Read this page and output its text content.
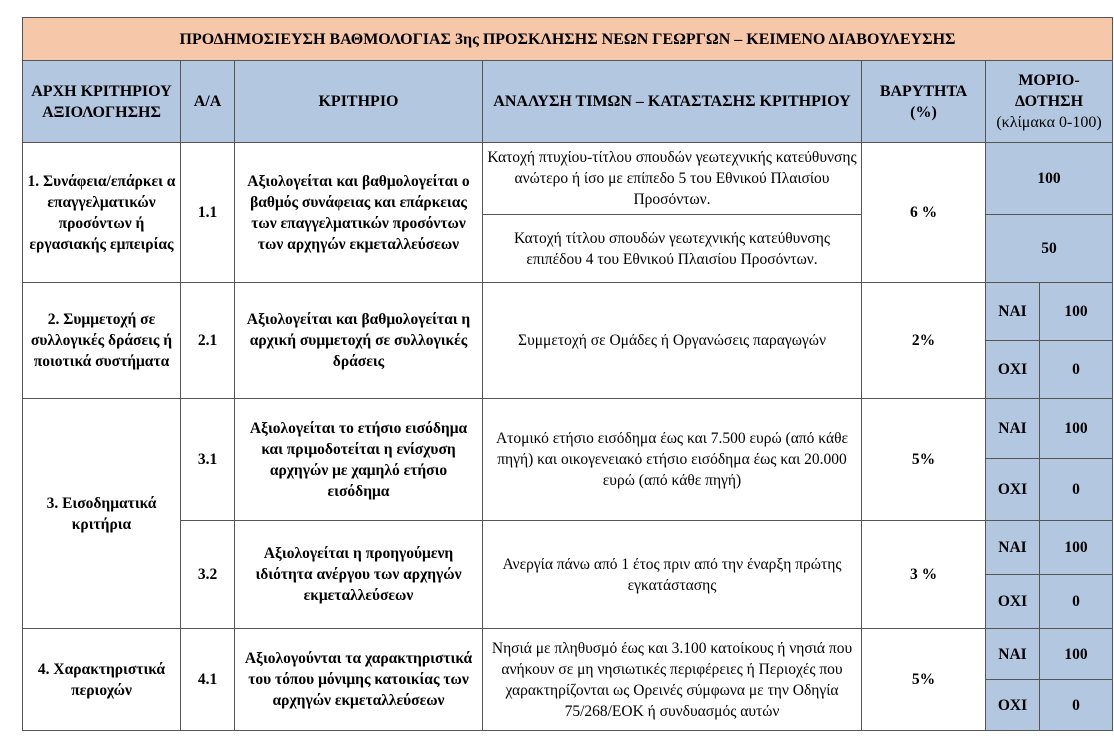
ΠΡΟΔΗΜΟΣΙΕΥΣΗ ΒΑΘΜΟΛΟΓΙΑΣ 3ης ΠΡΟΣΚΛΗΣΗΣ ΝΕΩΝ ΓΕΩΡΓΩΝ – ΚΕΙΜΕΝΟ ΔΙΑΒΟΥΛΕΥΣΗΣ						
ΑΡΧΗ ΚΡΙΤΗΡΙΟΥ ΑΞΙΟΛΟΓΗΣΗΣ	Α/Α	ΚΡΙΤΗΡΙΟ	ΑΝΑΛΥΣΗ ΤΙΜΩΝ – ΚΑΤΑΣΤΑΣΗΣ ΚΡΙΤΗΡΙΟΥ	ΒΑΡΥΤΗΤΑ (%)	ΜΟΡΙΟ-ΔΟΤΗΣΗ
(κλίμακα 0-100)	
1. Συνάφεια/επάρκει α επαγγελματικών προσόντων ή εργασιακής εμπειρίας	1.1	Αξιολογείται και βαθμολογείται ο βαθμός συνάφειας και επάρκειας των επαγγελματικών προσόντων των αρχηγών εκμεταλλεύσεων	Κατοχή πτυχίου-τίτλου σπουδών γεωτεχνικής κατεύθυνσης ανώτερο ή ίσο με επίπεδο 5 του Εθνικού Πλαισίου Προσόντων.	6 %	100	
			Κατοχή τίτλου σπουδών γεωτεχνικής κατεύθυνσης επιπέδου 4 του Εθνικού Πλαισίου Προσόντων.		50	
2. Συμμετοχή σε συλλογικές δράσεις ή ποιοτικά συστήματα	2.1	Αξιολογείται και βαθμολογείται η αρχική συμμετοχή σε συλλογικές δράσεις	Συμμετοχή σε Ομάδες ή Οργανώσεις παραγωγών	2%	ΝΑΙ	100
					ΟΧΙ	0
3. Εισοδηματικά κριτήρια	3.1	Αξιολογείται το ετήσιο εισόδημα και πριμοδοτείται η ενίσχυση αρχηγών με χαμηλό ετήσιο εισόδημα	Ατομικό ετήσιο εισόδημα έως και 7.500 ευρώ (από κάθε πηγή) και οικογενειακό ετήσιο εισόδημα έως και 20.000 ευρώ (από κάθε πηγή)	5%	ΝΑΙ	100
					ΟΧΙ	0
	3.2	Αξιολογείται η προηγούμενη ιδιότητα ανέργου των αρχηγών εκμεταλλεύσεων	Ανεργία πάνω από 1 έτος πριν από την έναρξη πρώτης εγκατάστασης	3 %	ΝΑΙ	100
					ΟΧΙ	0
4. Χαρακτηριστικά περιοχών	4.1	Αξιολογούνται τα χαρακτηριστικά του τόπου μόνιμης κατοικίας των αρχηγών εκμεταλλεύσεων	Νησιά με πληθυσμό έως και 3.100 κατοίκους ή νησιά που ανήκουν σε μη νησιωτικές περιφέρειες ή Περιοχές που χαρακτηρίζονται ως Ορεινές σύμφωνα με την Οδηγία 75/268/ΕΟΚ ή συνδυασμός αυτών	5%	ΝΑΙ	100
					ΟΧΙ	0
